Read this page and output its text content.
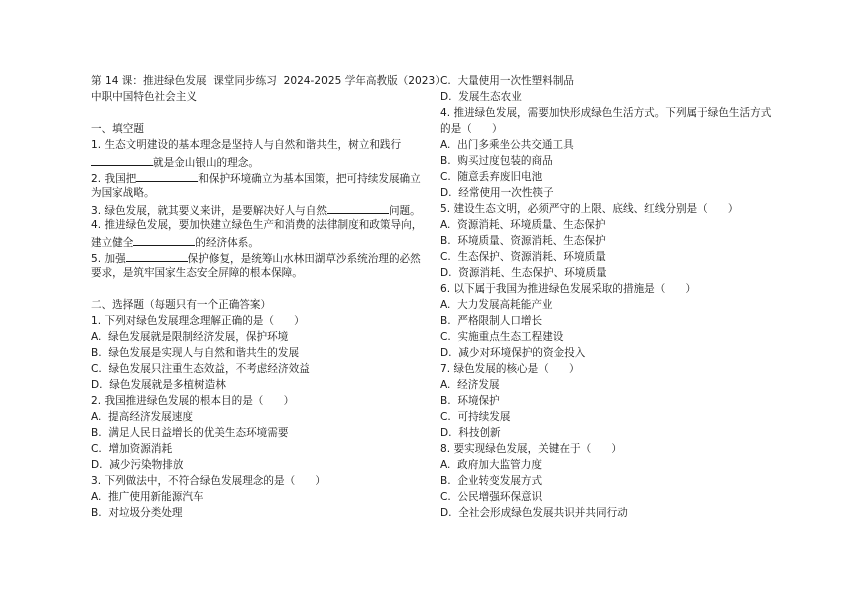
第 14 课：推进绿色发展  课堂同步练习  2024-2025 学年高教版（2023）
中职中国特色社会主义
一、填空题
1. 生态文明建设的基本理念是坚持人与自然和谐共生，树立和践行
就是金山银山的理念。
2. 我国把	和保护环境确立为基本国策，把可持续发展确立
为国家战略。
3. 绿色发展，就其要义来讲，是要解决好人与自然	问题。
4. 推进绿色发展，要加快建立绿色生产和消费的法律制度和政策导向，
建立健全	的经济体系。
5. 加强	保护修复，是统筹山水林田湖草沙系统治理的必然
要求，是筑牢国家生态安全屏障的根本保障。
二、选择题（每题只有一个正确答案）
1. 下列对绿色发展理念理解正确的是（      ）
A.  绿色发展就是限制经济发展，保护环境
B.  绿色发展是实现人与自然和谐共生的发展
C.  绿色发展只注重生态效益，不考虑经济效益
D.  绿色发展就是多植树造林
2. 我国推进绿色发展的根本目的是（      ）
A.  提高经济发展速度
B.  满足人民日益增长的优美生态环境需要
C.  增加资源消耗
D.  减少污染物排放
3. 下列做法中，不符合绿色发展理念的是（      ）
A.  推广使用新能源汽车
B.  对垃圾分类处理
C.  大量使用一次性塑料制品
D.  发展生态农业
4. 推进绿色发展，需要加快形成绿色生活方式。下列属于绿色生活方式
的是（      ）
A.  出门多乘坐公共交通工具
B.  购买过度包装的商品
C.  随意丢弃废旧电池
D.  经常使用一次性筷子
5. 建设生态文明，必须严守的上限、底线、红线分别是（      ）
A.  资源消耗、环境质量、生态保护
B.  环境质量、资源消耗、生态保护
C.  生态保护、资源消耗、环境质量
D.  资源消耗、生态保护、环境质量
6. 以下属于我国为推进绿色发展采取的措施是（      ）
A.  大力发展高耗能产业
B.  严格限制人口增长
C.  实施重点生态工程建设
D.  减少对环境保护的资金投入
7. 绿色发展的核心是（      ）
A.  经济发展
B.  环境保护
C.  可持续发展
D.  科技创新
8. 要实现绿色发展，关键在于（      ）
A.  政府加大监管力度
B.  企业转变发展方式
C.  公民增强环保意识
D.  全社会形成绿色发展共识并共同行动
